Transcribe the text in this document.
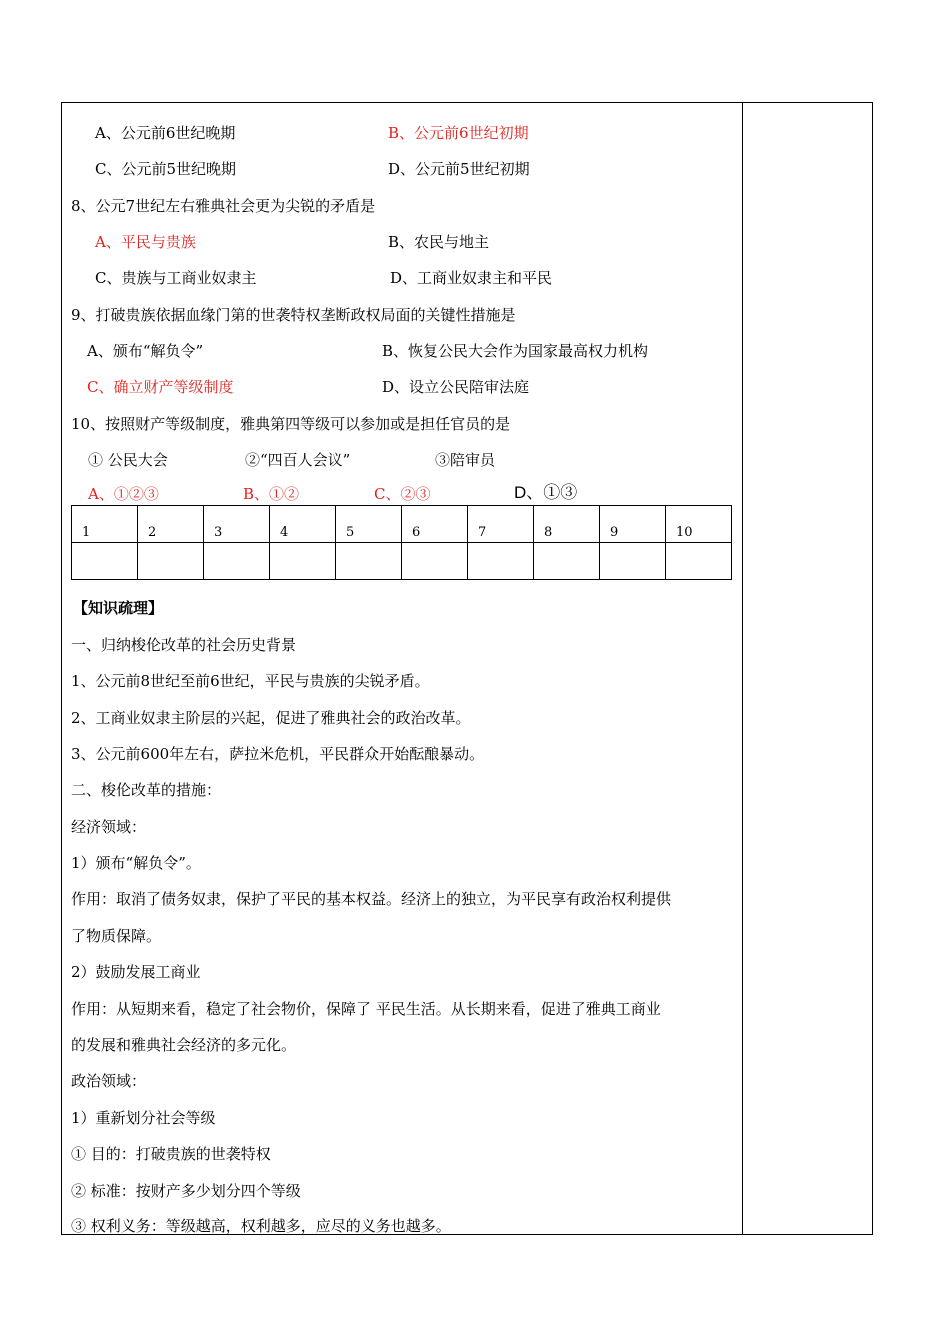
A、公元前6世纪晚期	B、公元前6世纪初期
C、公元前5世纪晚期	D、公元前5世纪初期
8、公元7世纪左右雅典社会更为尖锐的矛盾是
A、平民与贵族	B、农民与地主
C、贵族与工商业奴隶主	D、工商业奴隶主和平民
9、打破贵族依据血缘门第的世袭特权垄断政权局面的关键性措施是
A、颁布“解负令”	B、恢复公民大会作为国家最高权力机构
C、确立财产等级制度	D、设立公民陪审法庭
10、按照财产等级制度，雅典第四等级可以参加或是担任官员的是
① 公民大会	②“四百人会议”	③陪审员
A、①②③	B、①②	C、②③	D、①③
1	2	3	4	5	6	7	8	9	10

【知识疏理】
一、归纳梭伦改革的社会历史背景
1、公元前8世纪至前6世纪，平民与贵族的尖锐矛盾。
2、工商业奴隶主阶层的兴起，促进了雅典社会的政治改革。
3、公元前600年左右，萨拉米危机，平民群众开始酝酿暴动。
二、梭伦改革的措施：
经济领域：
1）颁布“解负令”。
作用：取消了债务奴隶，保护了平民的基本权益。经济上的独立，为平民享有政治权利提供
了物质保障。
2）鼓励发展工商业
作用：从短期来看，稳定了社会物价，保障了 平民生活。从长期来看，促进了雅典工商业
的发展和雅典社会经济的多元化。
政治领域：
1）重新划分社会等级
① 目的：打破贵族的世袭特权
② 标准：按财产多少划分四个等级
③ 权利义务：等级越高，权利越多，应尽的义务也越多。
